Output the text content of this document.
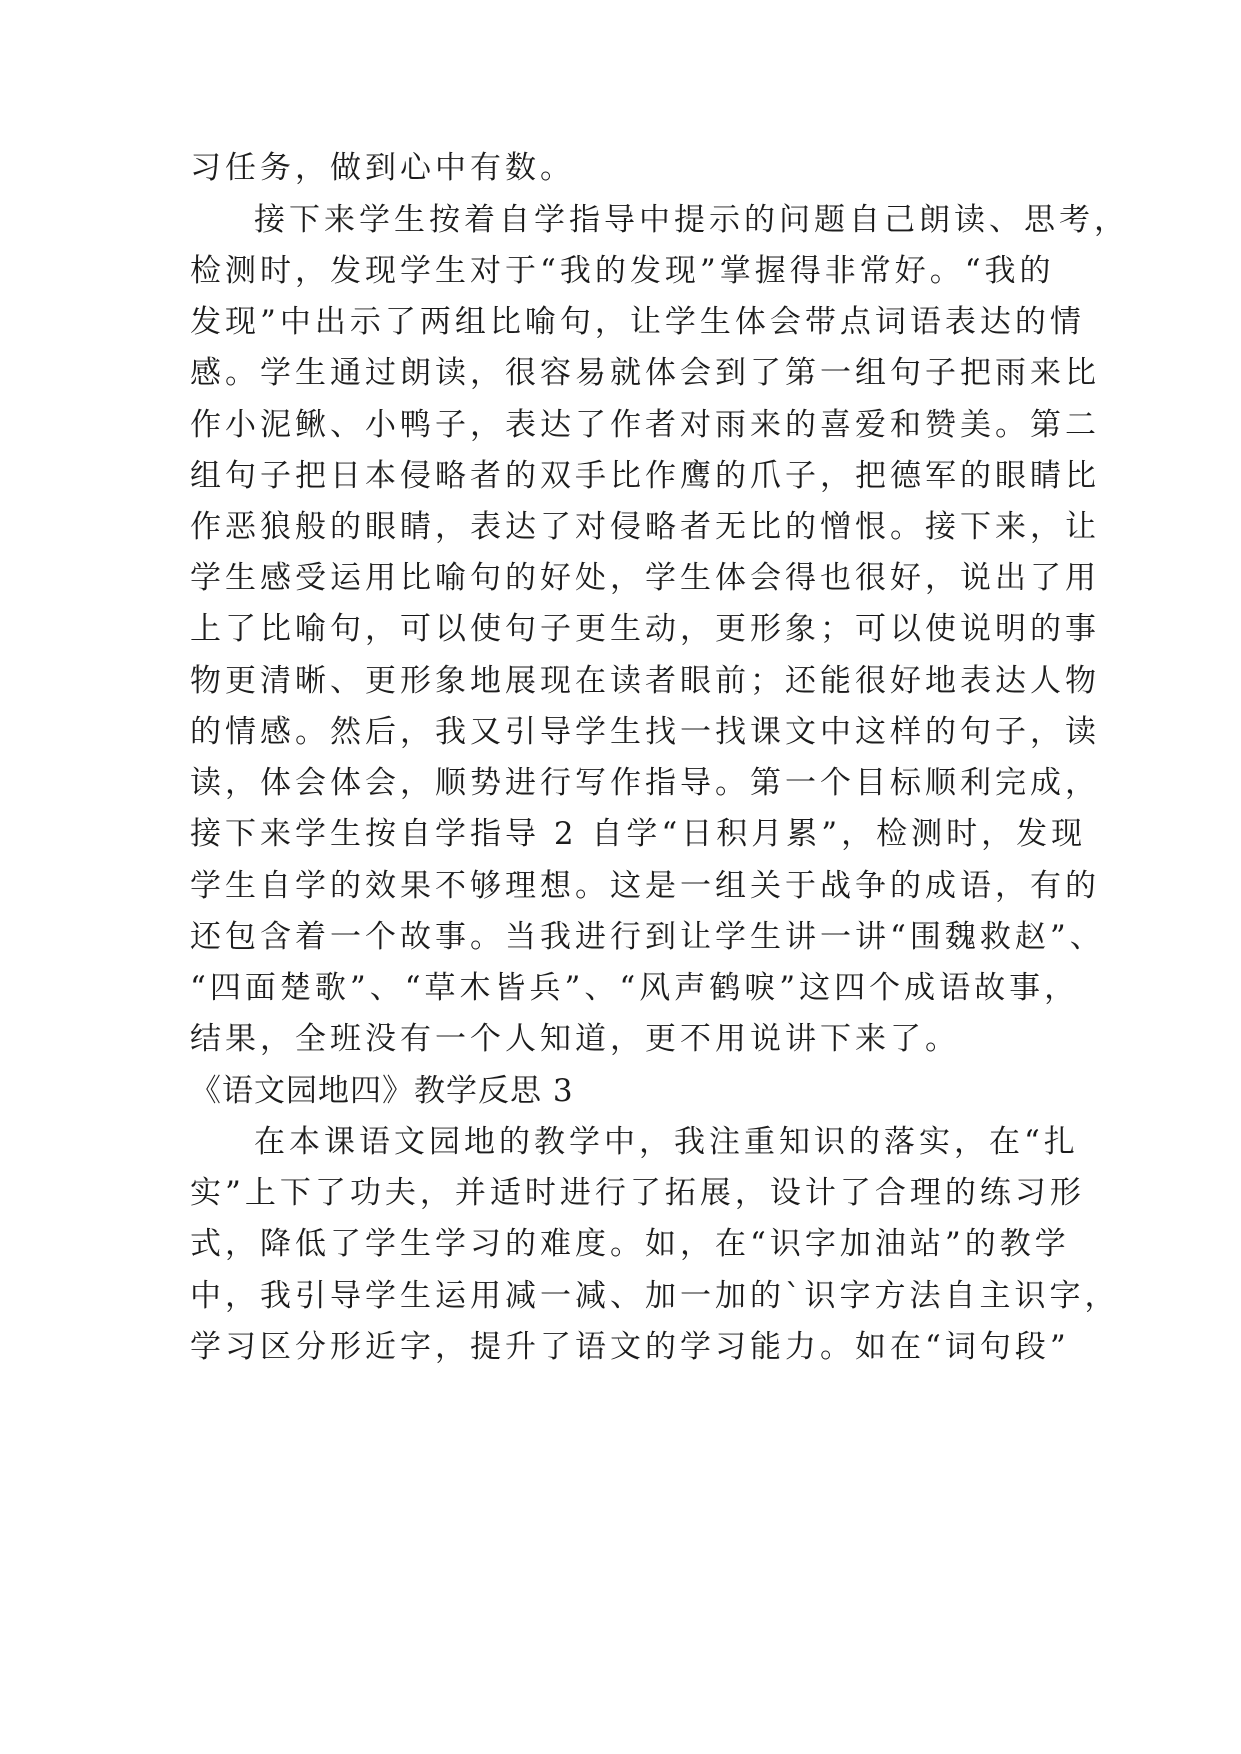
习任务，做到心中有数。
接下来学生按着自学指导中提示的问题自己朗读、思考，
检测时，发现学生对于“我的发现”掌握得非常好。“我的
发现”中出示了两组比喻句，让学生体会带点词语表达的情
感。学生通过朗读，很容易就体会到了第一组句子把雨来比
作小泥鳅、小鸭子，表达了作者对雨来的喜爱和赞美。第二
组句子把日本侵略者的双手比作鹰的爪子，把德军的眼睛比
作恶狼般的眼睛，表达了对侵略者无比的憎恨。接下来，让
学生感受运用比喻句的好处，学生体会得也很好，说出了用
上了比喻句，可以使句子更生动，更形象；可以使说明的事
物更清晰、更形象地展现在读者眼前；还能很好地表达人物
的情感。然后，我又引导学生找一找课文中这样的句子，读
读，体会体会，顺势进行写作指导。第一个目标顺利完成，
接下来学生按自学指导 2 自学“日积月累”，检测时，发现
学生自学的效果不够理想。这是一组关于战争的成语，有的
还包含着一个故事。当我进行到让学生讲一讲“围魏救赵”、
“四面楚歌”、“草木皆兵”、“风声鹤唳”这四个成语故事，
结果，全班没有一个人知道，更不用说讲下来了。
《语文园地四》教学反思 3
在本课语文园地的教学中，我注重知识的落实，在“扎
实”上下了功夫，并适时进行了拓展，设计了合理的练习形
式，降低了学生学习的难度。如，在“识字加油站”的教学
中，我引导学生运用减一减、加一加的`识字方法自主识字，
学习区分形近字，提升了语文的学习能力。如在“词句段”
